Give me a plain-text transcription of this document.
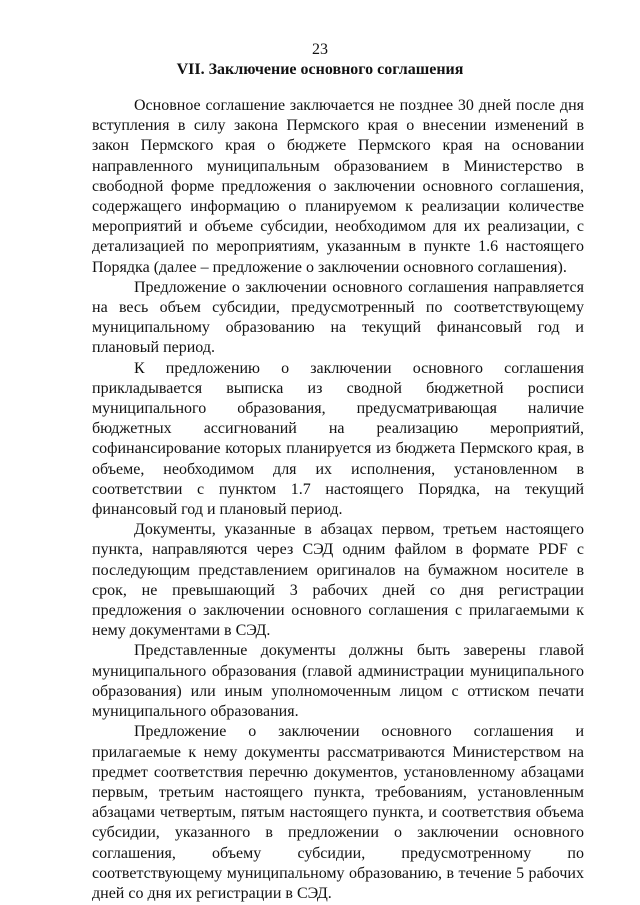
23
VII. Заключение основного соглашения

Основное соглашение заключается не позднее 30 дней после дня вступления в силу закона Пермского края о внесении изменений в закон Пермского края о бюджете Пермского края на основании направленного муниципальным образованием в Министерство в свободной форме предложения о заключении основного соглашения, содержащего информацию о планируемом к реализации количестве мероприятий и объеме субсидии, необходимом для их реализации, с детализацией по мероприятиям, указанным в пункте 1.6 настоящего Порядка (далее – предложение о заключении основного соглашения).

Предложение о заключении основного соглашения направляется на весь объем субсидии, предусмотренный по соответствующему муниципальному образованию на текущий финансовый год и плановый период.

К предложению о заключении основного соглашения прикладывается выписка из сводной бюджетной росписи муниципального образования, предусматривающая наличие бюджетных ассигнований на реализацию мероприятий, софинансирование которых планируется из бюджета Пермского края, в объеме, необходимом для их исполнения, установленном в соответствии с пунктом 1.7 настоящего Порядка, на текущий финансовый год и плановый период.

Документы, указанные в абзацах первом, третьем настоящего пункта, направляются через СЭД одним файлом в формате PDF с последующим представлением оригиналов на бумажном носителе в срок, не превышающий 3 рабочих дней со дня регистрации предложения о заключении основного соглашения с прилагаемыми к нему документами в СЭД.

Представленные документы должны быть заверены главой муниципального образования (главой администрации муниципального образования) или иным уполномоченным лицом с оттиском печати муниципального образования.

Предложение о заключении основного соглашения и прилагаемые к нему документы рассматриваются Министерством на предмет соответствия перечню документов, установленному абзацами первым, третьим настоящего пункта, требованиям, установленным абзацами четвертым, пятым настоящего пункта, и соответствия объема субсидии, указанного в предложении о заключении основного соглашения, объему субсидии, предусмотренному по соответствующему муниципальному образованию, в течение 5 рабочих дней со дня их регистрации в СЭД.
